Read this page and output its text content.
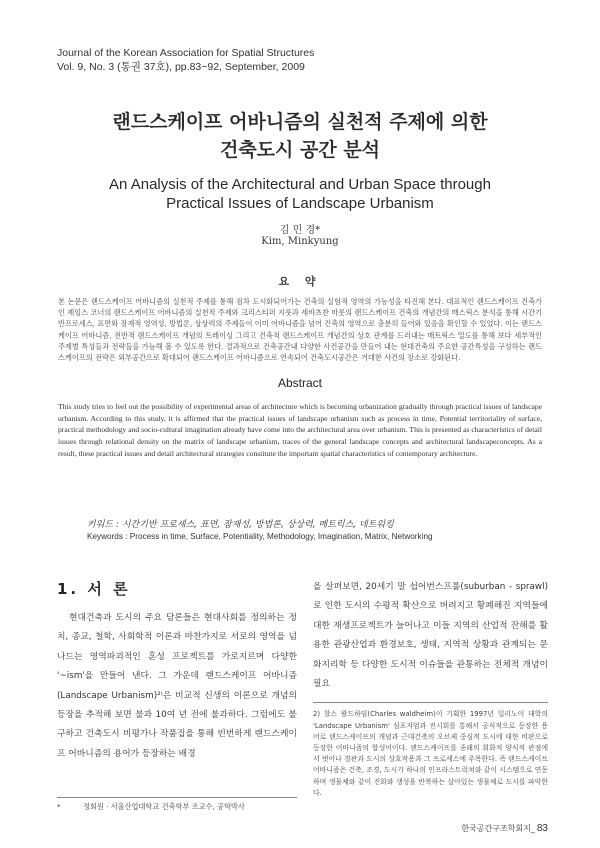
Journal of the Korean Association for Spatial Structures
Vol. 9, No. 3 (통권 37호), pp.83~92, September, 2009
랜드스케이프 어바니즘의 실천적 주제에 의한
건축도시 공간 분석
An Analysis of the Architectural and Urban Space through
Practical Issues of Landscape Urbanism
김 민 경*
Kim, Minkyung
요 약
본 논문은 랜드스케이프 어바니즘의 실천적 주제를 통해 점차 도시화되어가는 건축의 실험적 영역의 가능성을 타진해 본다. 대표적인 랜드스케이프 건축가인 제임스 코너의 랜드스케이프 어바니즘의 실천적 주제와 크리스티퍼 지룻과 세바츠찬 마롯의 랜드스케이프 건축의 개념간의 매스릭스 분석을 통해 시간기반프로세스, 표면와 잠재적 영역성, 방법론, 상상력의 주제들이 이미 어바니즘을 넘어 건축의 영역으로 충분히 들어와 있음을 확인할 수 있었다. 이는 랜드스케이프 어바니즘, 전반적 랜드스케이프 개념의 트레이싱 그리고 건축적 랜드스케이프 개념간의 상호 관계를 드러내는 매트릭스 밀도를 통해 보다 세부적인 주제별 특성들과 전략들을 가늠해 볼 수 있도록 한다. 결과적으로 건축공간내 다양한 사건공간을 만들어 내는 현대건축의 주요한 공간특성을 구성하는 랜드스케이프의 전략은 외부공간으로 확대되어 랜드스케이프 어바니즘으로 연속되어 건축도시공간은 거대한 사건의 장소로 강화된다.
Abstract
This study tries to feel out the possibility of experimental areas of architecture which is becoming urbanization gradually through practical issues of landscape urbanism. According to this study, it is affirmed that the practical issues of landscape urbanism such as process in time, Potential territoriality of surface, practical methodology and socio-cultural imagination already have come into the architectural area over urbanism. This is presented as characteristics of detail issues through relational density on the matrix of landscape urbanism, traces of the general landscape concepts and architectural landscapeconcepts. As a result, these practical issues and detail architectural strategies constitute the important spatial characteristics of contemporary architecture.
키워드 : 시간기반 프로세스, 표면, 잠재성, 방법론, 상상력, 메트릭스, 네트워킹
Keywords : Process in time, Surface, Potentiality, Methodology, Imagination, Matrix, Networking
1. 서 론
현대건축과 도시의 주요 담론들은 현대사회를 정의하는 정치, 종교, 철학, 사회학적 이론과 마찬가지로 서로의 영역을 넘나드는 영역파괴적인 혼성 프로젝트를 가로지르며 다양한 '~ism'을 만들어 낸다. 그 가운데 랜드스케이프 어바니즘(Landscape Urbanism)²⁾은 비교적 신생의 이론으로 개념의 등장을 추적해 보면 불과 10여 년 전에 불과하다. 그럼에도 불구하고 건축도시 비평가나 작품집을 통해 빈번하게 랜드스케이프 어바니즘의 용어가 등장하는 배경
을 살펴보면, 20세기 말 섭어번스프롤(suburban - sprawl) 로 인한 도시의 수평적 확산으로 버려지고 황폐해진 지역들에 대한 재생프로젝트가 늘어나고 이들 지역의 산업적 잔해를 활용한 관광산업과 환경보호, 생태, 지역적 상황과 관계되는 문화지리학 등 다양한 도시적 이슈들을 관통하는 전체적 개념이 필요
2) 찰스 왈드하임(Charles waldheim)이 기획한 1997년 일리노이 대학의 'Landscape Urbanism' 심포지엄과 전시회를 통해서 공식적으로 등장한 용어로 랜드스케이프의 개념과 근대건축의 오브제 중심적 도시에 대한 비판으로 등장한 어바니즘의 합성어이다. 랜드스케이프를 종래의 회화적 양식적 관점에서 벗어나 경관과 도시의 상호작용과 그 프로세스에 주목한다. 즉 랜드스케이프 어바니즘은 건축, 조경, 도시가 하나의 인프라스트럭쳐와 같이 시스템으로 연동하며 생물체와 같이 진화와 생성을 반복하는 살아있는 생물체로 도시를 파악한다.
*	정회원 · 서울산업대학교 건축학부 조교수, 공학박사
한국공간구조학회지_ 83
